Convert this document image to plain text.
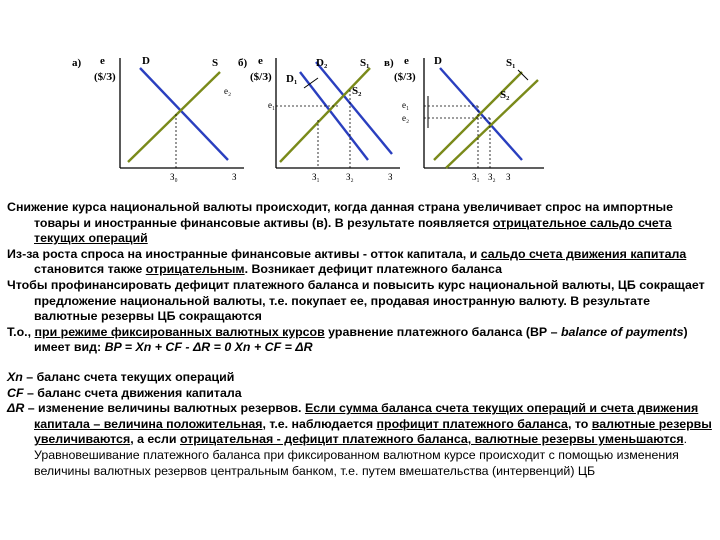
а) e
($/З)
D	S
e₂
З₀	З
б) e
($/З)
D₂
D₁
S₁
S₂
e₁
З₁	З₂	З
в) e
($/З)
D	S₁
S₂
e₁
e₂
З₁ З₂ З

Снижение курса национальной валюты происходит, когда данная страна увеличивает спрос на импортные товары и иностранные финансовые активы (в). В результате появляется отрицательное сальдо счета текущих операций

Из-за роста спроса на иностранные финансовые активы - отток капитала, и сальдо счета движения капитала становится также отрицательным. Возникает дефицит платежного баланса

Чтобы профинансировать дефицит платежного баланса и повысить курс национальной валюты, ЦБ сокращает предложение национальной валюты, т.е. покупает ее, продавая иностранную валюту. В результате валютные резервы ЦБ сокращаются

Т.о., при режиме фиксированных валютных курсов уравнение платежного баланса (ВР – balance of payments) имеет вид: BP = Xn + CF - ΔR = 0 Xn + CF = ΔR

Xn – баланс счета текущих операций

CF – баланс счета движения капитала

ΔR – изменение величины валютных резервов. Если сумма баланса счета текущих операций и счета движения капитала – величина положительная, т.е. наблюдается профицит платежного баланса, то валютные резервы увеличиваются, а если отрицательная - дефицит платежного баланса, валютные резервы уменьшаются. Уравновешивание платежного баланса при фиксированном валютном курсе происходит с помощью изменения величины валютных резервов центральным банком, т.е. путем вмешательства (интервенций) ЦБ
